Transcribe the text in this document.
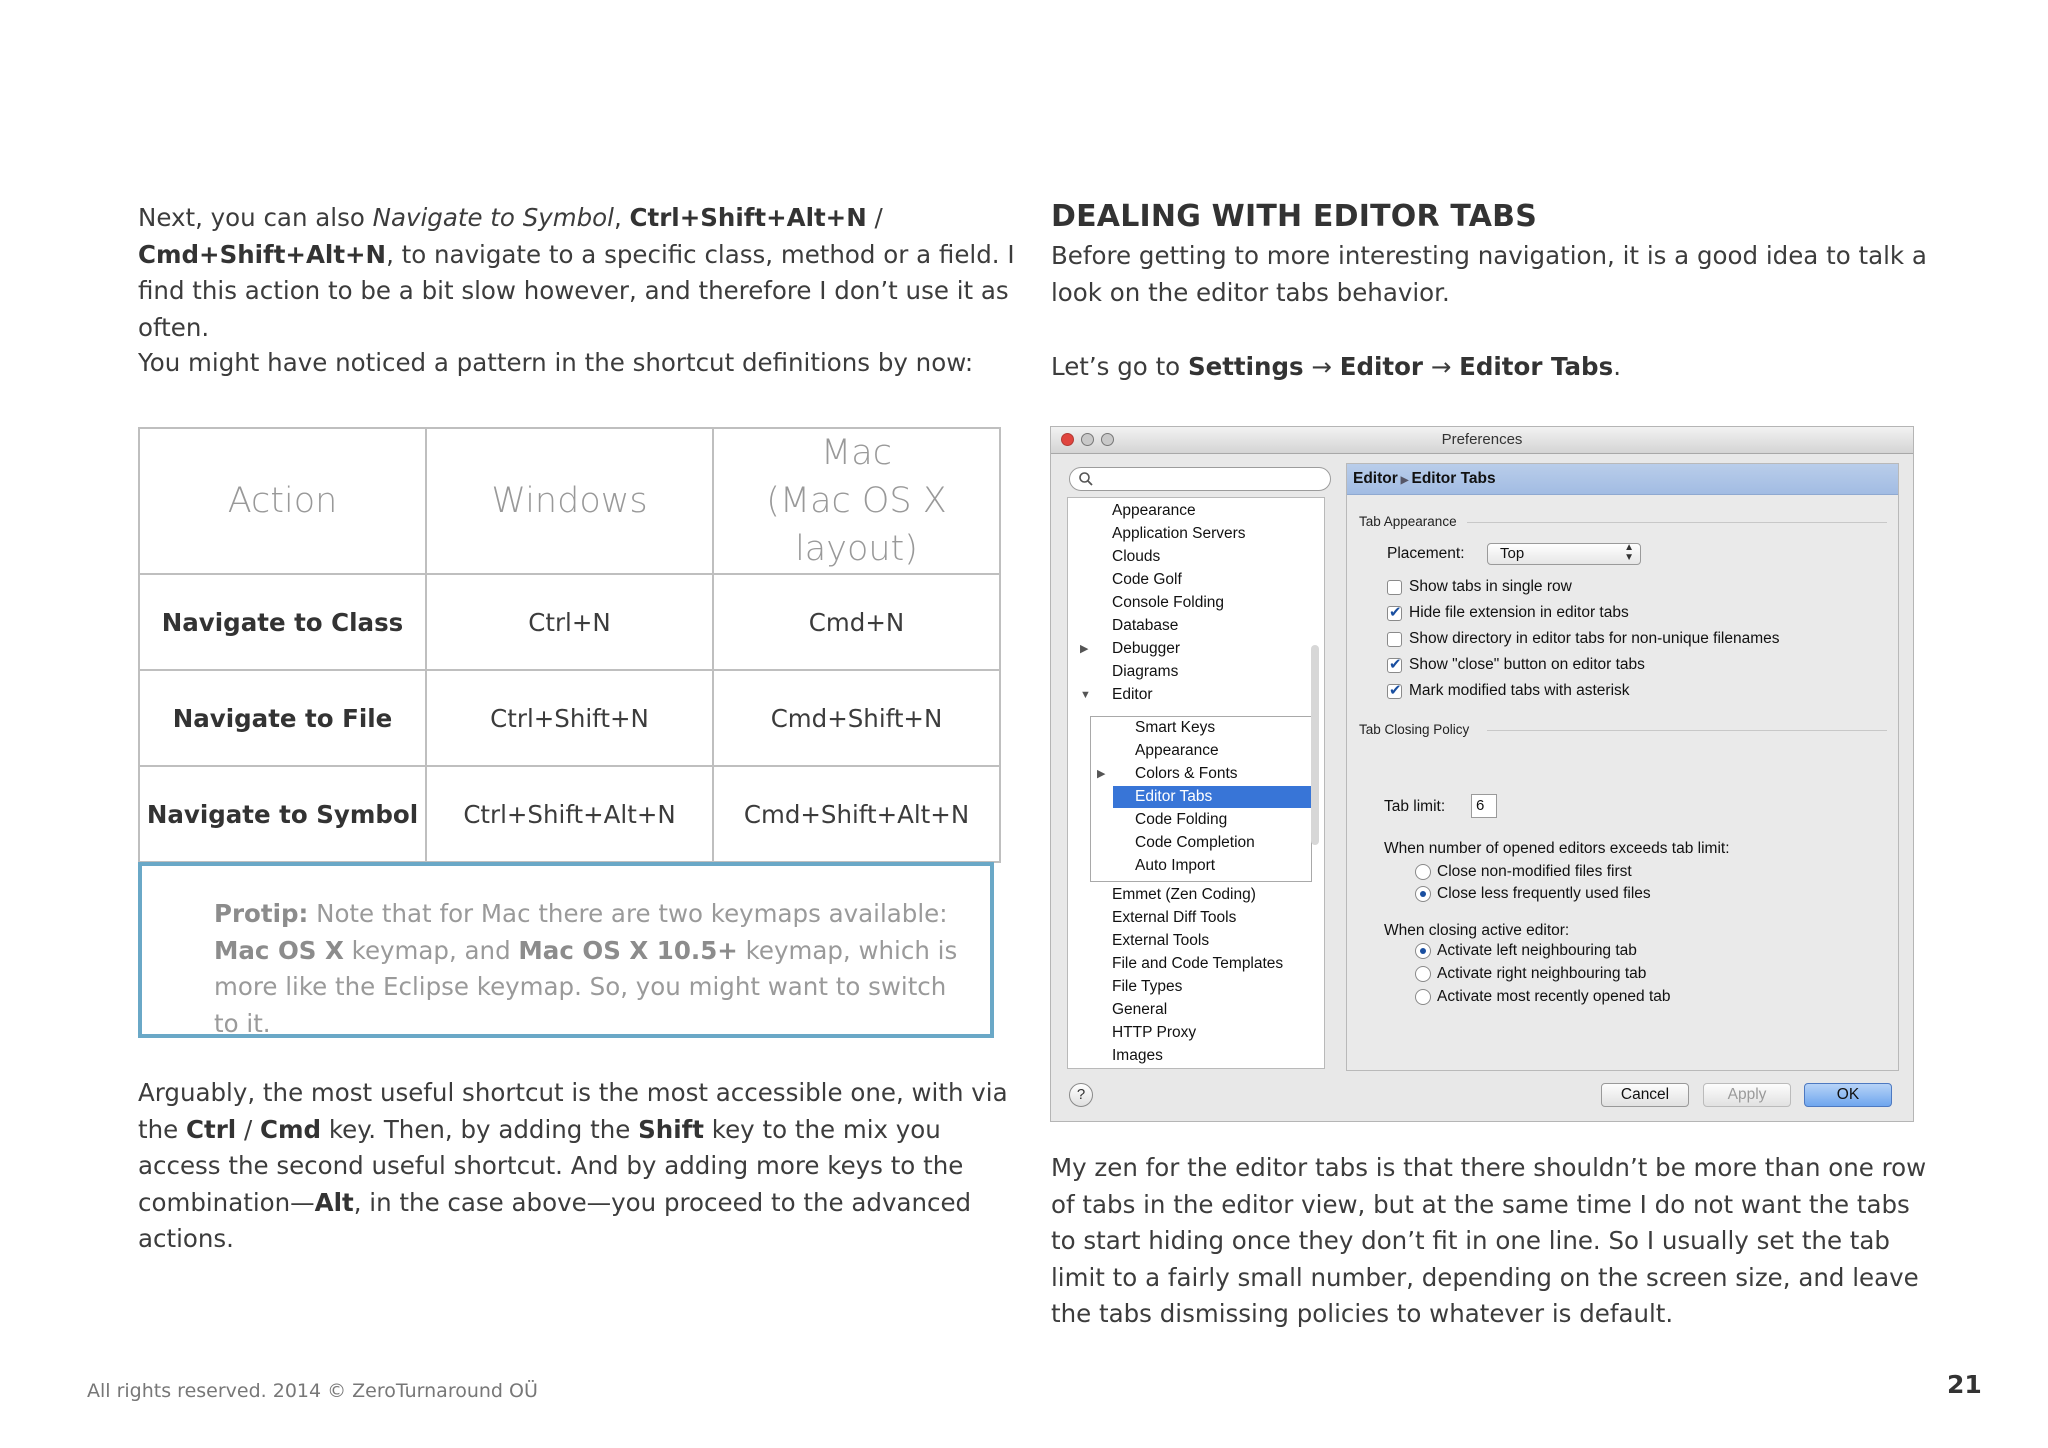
Next, you can also Navigate to Symbol, Ctrl+Shift+Alt+N / Cmd+Shift+Alt+N, to navigate to a specific class, method or a field. I find this action to be a bit slow however, and therefore I don’t use it as often.

You might have noticed a pattern in the shortcut definitions by now:

Action	Windows	Mac
(Mac OS X layout)
Navigate to Class	Ctrl+N	Cmd+N
Navigate to File	Ctrl+Shift+N	Cmd+Shift+N
Navigate to Symbol	Ctrl+Shift+Alt+N	Cmd+Shift+Alt+N
Protip: Note that for Mac there are two keymaps available: Mac OS X keymap, and Mac OS X 10.5+ keymap, which is more like the Eclipse keymap. So, you might want to switch to it.

Arguably, the most useful shortcut is the most accessible one, with via the Ctrl / Cmd key. Then, by adding the Shift key to the mix you access the second useful shortcut. And by adding more keys to the combination—Alt, in the case above—you proceed to the advanced actions.

DEALING WITH EDITOR TABS

Before getting to more interesting navigation, it is a good idea to talk a look on the editor tabs behavior.

Let’s go to Settings → Editor → Editor Tabs.

Preferences

Appearance
Application Servers
Clouds
Code Golf
Console Folding
Database
▶ Debugger
Diagrams
▼ Editor
Smart Keys
Appearance
▶ Colors & Fonts
Editor Tabs
Code Folding
Code Completion
Auto Import
Emmet (Zen Coding)
External Diff Tools
External Tools
File and Code Templates
File Types
General
HTTP Proxy
Images
Editor ▶ Editor Tabs
Tab Appearance
Placement:	Top	▲
▼
Show tabs in single row
✔
Hide file extension in editor tabs
Show directory in editor tabs for non-unique filenames
✔
Show "close" button on editor tabs
✔
Mark modified tabs with asterisk
Tab Closing Policy
Tab limit:	6
When number of opened editors exceeds tab limit:
Close non-modified files first
Close less frequently used files
When closing active editor:
Activate left neighbouring tab
Activate right neighbouring tab
Activate most recently opened tab
?	Cancel	Apply	OK

My zen for the editor tabs is that there shouldn’t be more than one row of tabs in the editor view, but at the same time I do not want the tabs to start hiding once they don’t fit in one line. So I usually set the tab limit to a fairly small number, depending on the screen size, and leave the tabs dismissing policies to whatever is default.

All rights reserved. 2014 © ZeroTurnaround OÜ	21
